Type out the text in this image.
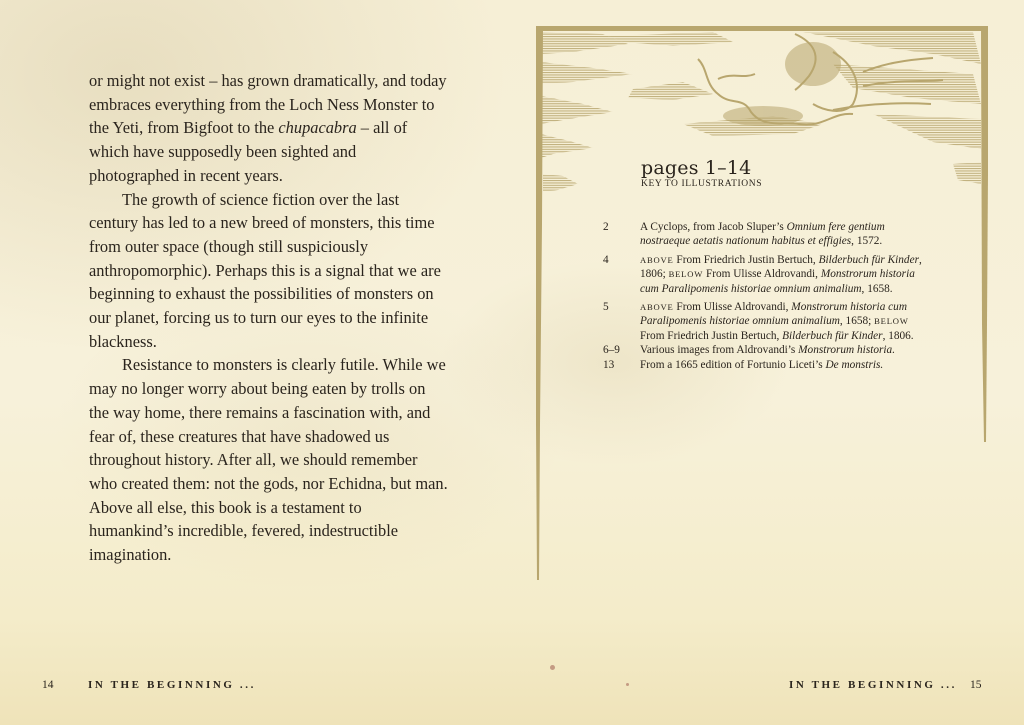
or might not exist – has grown dramatically, and today embraces everything from the Loch Ness Monster to the Yeti, from Bigfoot to the chupacabra – all of which have supposedly been sighted and photographed in recent years.

The growth of science fiction over the last century has led to a new breed of monsters, this time from outer space (though still suspiciously anthropomorphic). Perhaps this is a signal that we are beginning to exhaust the possibilities of monsters on our planet, forcing us to turn our eyes to the infinite blackness.

Resistance to monsters is clearly futile. While we may no longer worry about being eaten by trolls on the way home, there remains a fascination with, and fear of, these creatures that have shadowed us throughout history. After all, we should remember who created them: not the gods, nor Echidna, but man. Above all else, this book is a testament to humankind’s incredible, fevered, indestructible imagination.

14	IN THE BEGINNING ...
pages 1–14
KEY TO ILLUSTRATIONS
2	A Cyclops, from Jacob Sluper’s Omnium fere gentium nostraeque aetatis nationum habitus et effigies, 1572.
4	ABOVE From Friedrich Justin Bertuch, Bilderbuch für Kinder, 1806; BELOW From Ulisse Aldrovandi, Monstrorum historia cum Paralipomenis historiae omnium animalium, 1658.
5	ABOVE From Ulisse Aldrovandi, Monstrorum historia cum Paralipomenis historiae omnium animalium, 1658; BELOW From Friedrich Justin Bertuch, Bilderbuch für Kinder, 1806.
6–9	Various images from Aldrovandi’s Monstrorum historia.
13	From a 1665 edition of Fortunio Liceti’s De monstris.
IN THE BEGINNING ... 15
